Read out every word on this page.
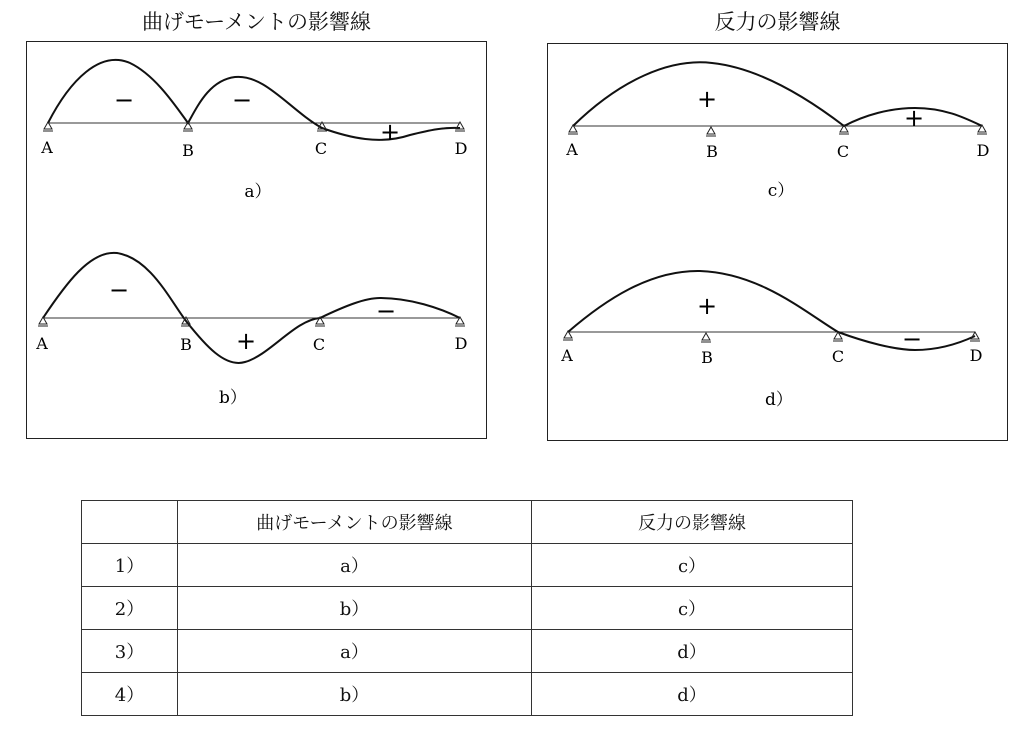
曲げモーメントの影響線	反力の影響線
A	B	C	D
−	−
+
a）
A	B	C	D
−
+
−
b）
A	B	C	D
+
+
c）
A	B	C	D
+
−
d）
	曲げモーメントの影響線	反力の影響線
1）	a）	c）
2）	b）	c）
3）	a）	d）
4）	b）	d）
